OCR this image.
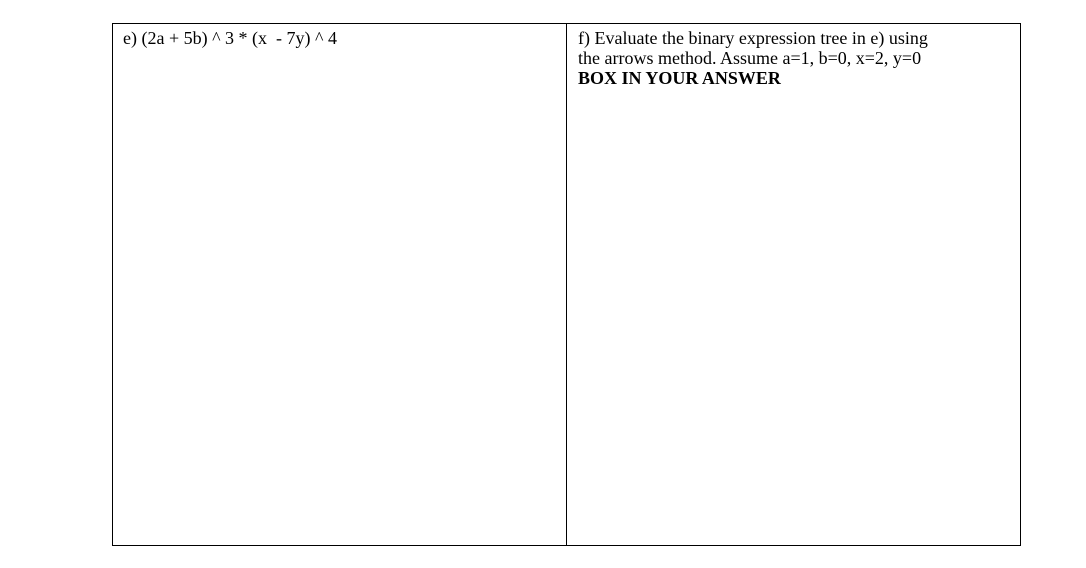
e) (2a + 5b) ^ 3 * (x  - 7y) ^ 4	f) Evaluate the binary expression tree in e) using
the arrows method. Assume a=1, b=0, x=2, y=0
BOX IN YOUR ANSWER
